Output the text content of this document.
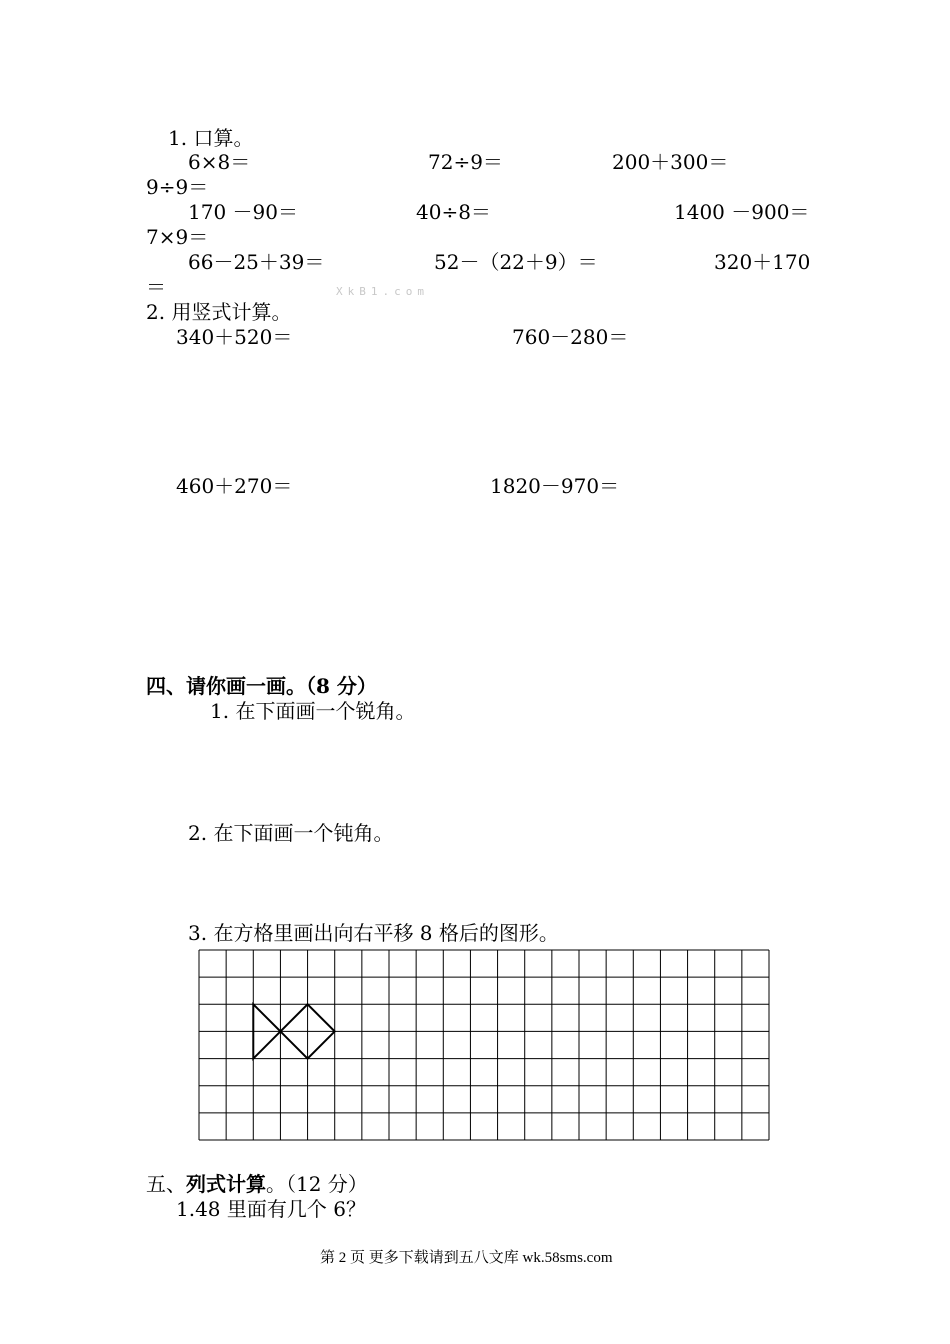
1. 口算。
6×8＝	72÷9＝	200＋300＝
9÷9＝
170 －90＝	40÷8＝	1400 －900＝
7×9＝
66－25＋39＝	52－（22＋9）＝	320＋170
＝	XkB1.com
2. 用竖式计算。
340＋520＝	760－280＝
460＋270＝	1820－970＝
四、请你画一画。（8 分）
1. 在下面画一个锐角。
2. 在下面画一个钝角。
3. 在方格里画出向右平移 8 格后的图形。
五、列式计算。（12 分）
1.48 里面有几个 6？
第 2 页 更多下载请到五八文库 wk.58sms.com
